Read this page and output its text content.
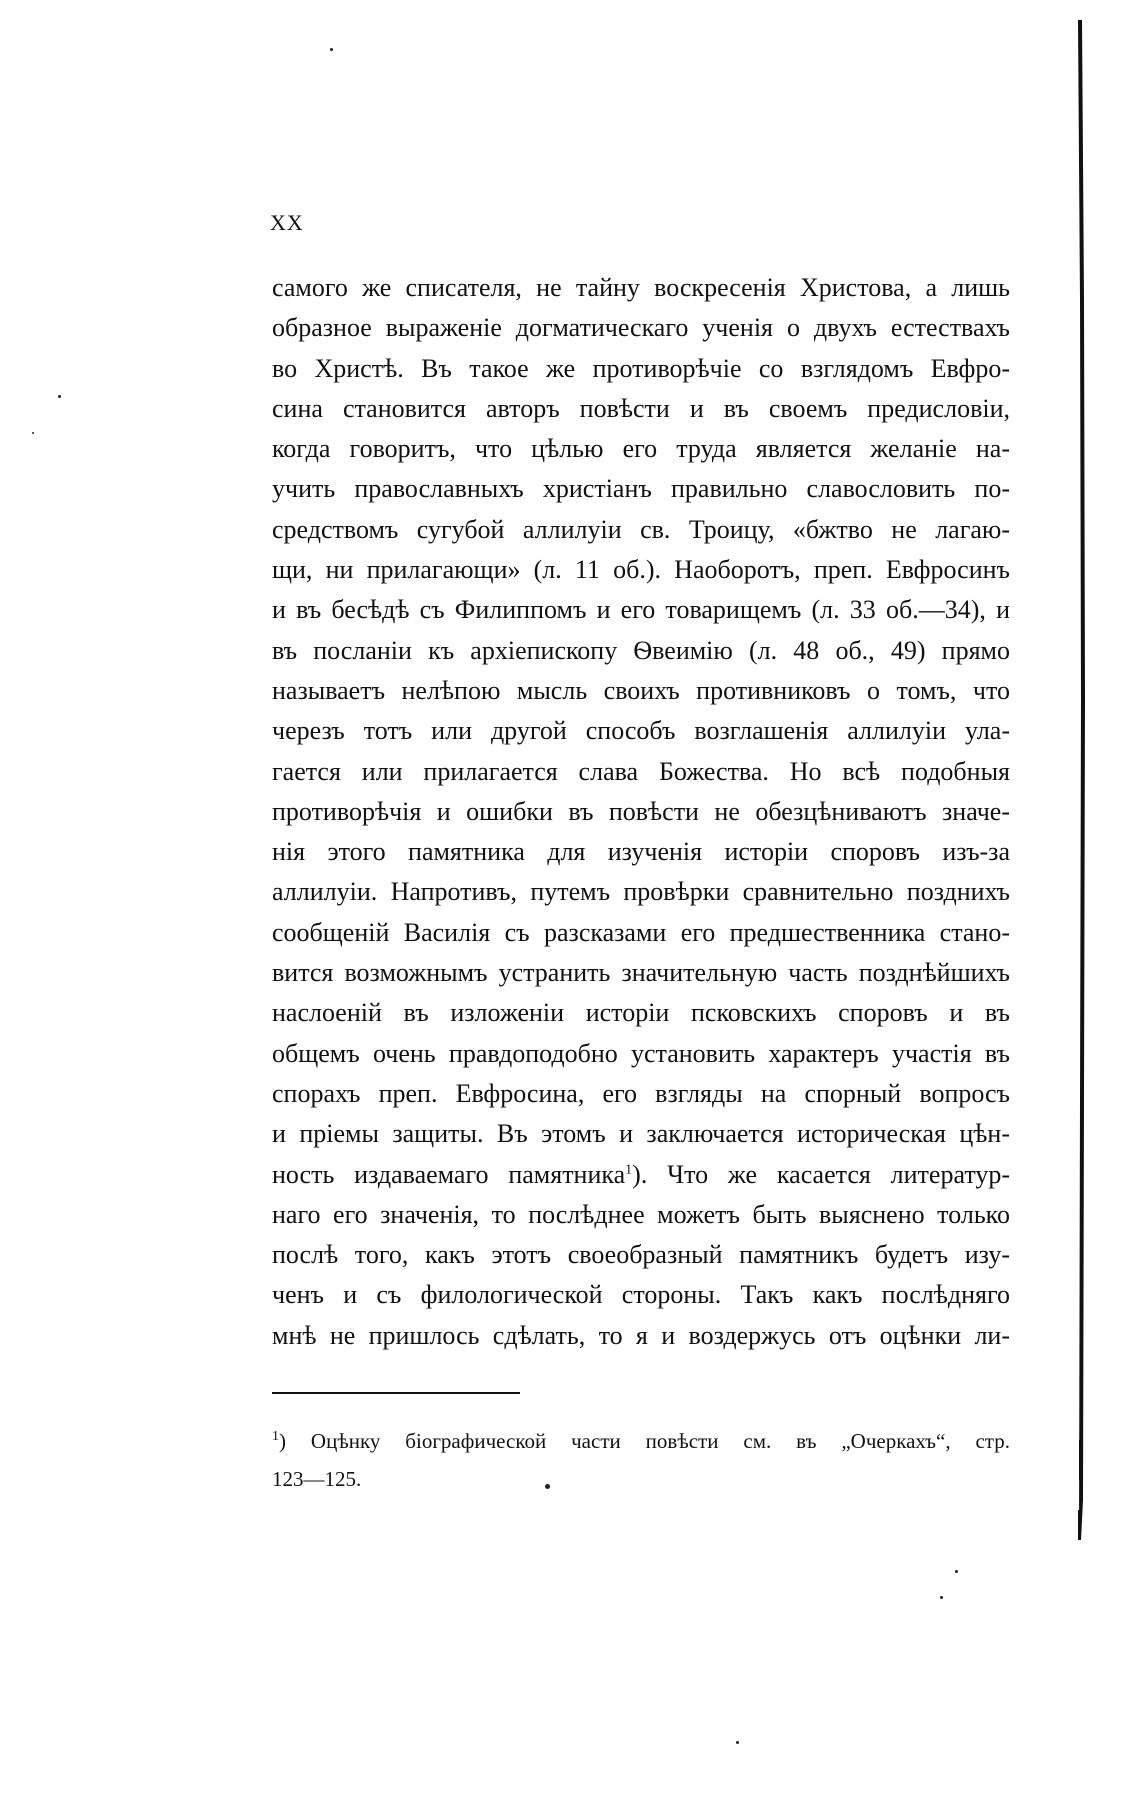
XX
самого же списателя, не тайну воскресенія Христова, а лишь
образное выраженіе догматическаго ученія о двухъ естествахъ
во Христѣ. Въ такое же противорѣчіе со взглядомъ Евфро-
сина становится авторъ повѣсти и въ своемъ предисловіи,
когда говоритъ, что цѣлью его труда является желаніе на-
учить православныхъ христіанъ правильно славословить по-
средствомъ сугубой аллилуіи св. Троицу, «бжтво не лагаю-
щи, ни прилагающи» (л. 11 об.). Наоборотъ, преп. Евфросинъ
и въ бесѣдѣ съ Филиппомъ и его товарищемъ (л. 33 об.—34), и
въ посланіи къ архіепископу Ѳвеимію (л. 48 об., 49) прямо
называетъ нелѣпою мысль своихъ противниковъ о томъ, что
черезъ тотъ или другой способъ возглашенія аллилуіи ула-
гается или прилагается слава Божества. Но всѣ подобныя
противорѣчія и ошибки въ повѣсти не обезцѣниваютъ значе-
нія этого памятника для изученія исторіи споровъ изъ-за
аллилуіи. Напротивъ, путемъ провѣрки сравнительно позднихъ
сообщеній Василія съ разсказами его предшественника стано-
вится возможнымъ устранить значительную часть позднѣйшихъ
наслоеній въ изложеніи исторіи псковскихъ споровъ и въ
общемъ очень правдоподобно установить характеръ участія въ
спорахъ преп. Евфросина, его взгляды на спорный вопросъ
и пріемы защиты. Въ этомъ и заключается историческая цѣн-
ность издаваемаго памятника$^1$). Что же касается литератур-
наго его значенія, то послѣднее можетъ быть выяснено только
послѣ того, какъ этотъ своеобразный памятникъ будетъ изу-
ченъ и съ филологической стороны. Такъ какъ послѣдняго
мнѣ не пришлось сдѣлать, то я и воздержусь отъ оцѣнки ли-
$^1$) Оцѣнку біографической части повѣсти см. въ „Очеркахъ“, стр.
123—125.
